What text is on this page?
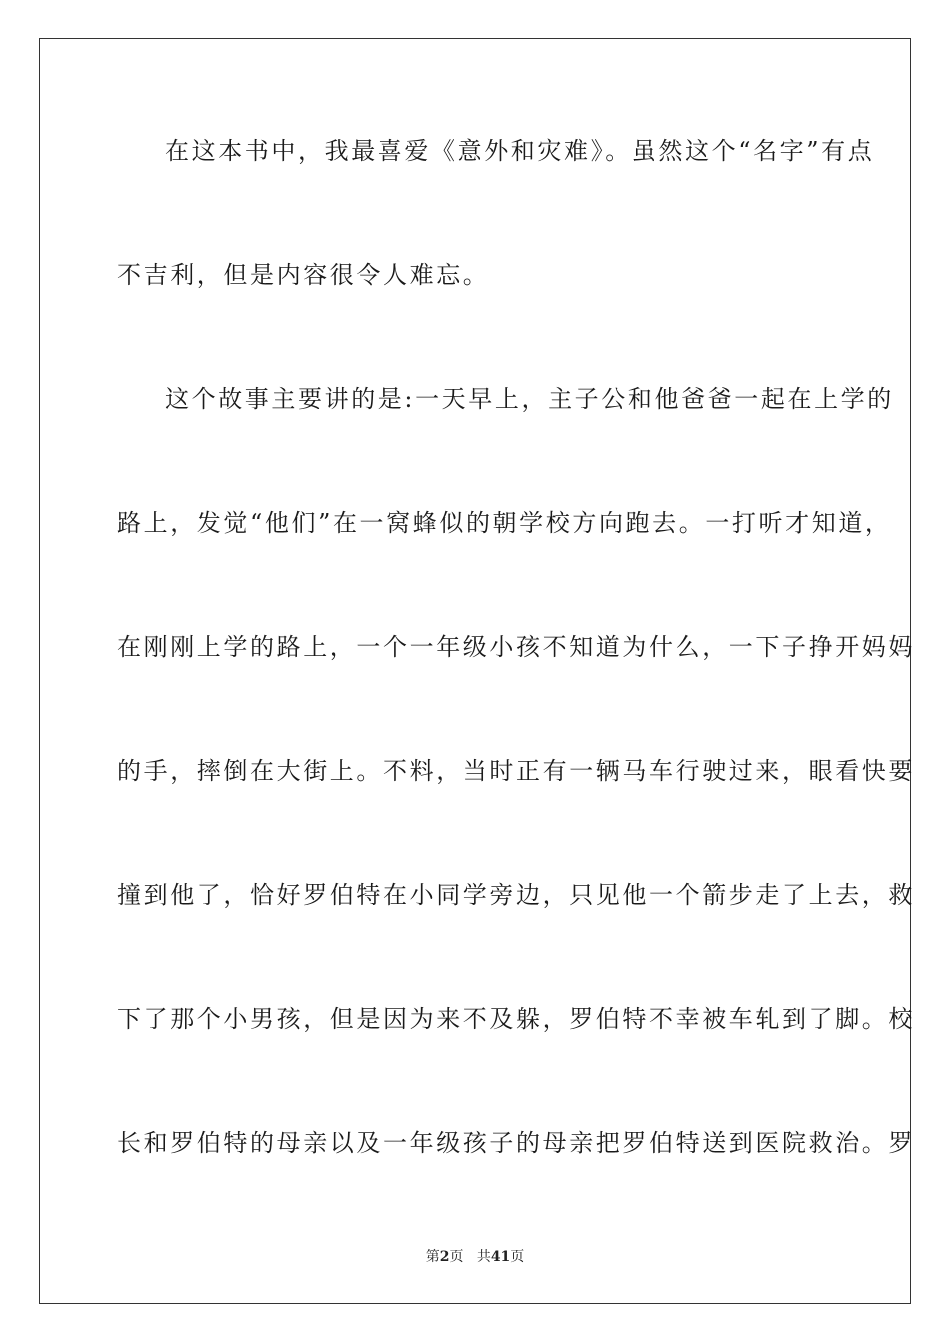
在这本书中，我最喜爱《意外和灾难》。虽然这个“名字”有点
不吉利，但是内容很令人难忘。
这个故事主要讲的是:一天早上，主子公和他爸爸一起在上学的
路上，发觉“他们”在一窝蜂似的朝学校方向跑去。一打听才知道，
在刚刚上学的路上，一个一年级小孩不知道为什么，一下子挣开妈妈
的手，摔倒在大街上。不料，当时正有一辆马车行驶过来，眼看快要
撞到他了，恰好罗伯特在小同学旁边，只见他一个箭步走了上去，救
下了那个小男孩，但是因为来不及躲，罗伯特不幸被车轧到了脚。校
长和罗伯特的母亲以及一年级孩子的母亲把罗伯特送到医院救治。罗
第2页 共41页
